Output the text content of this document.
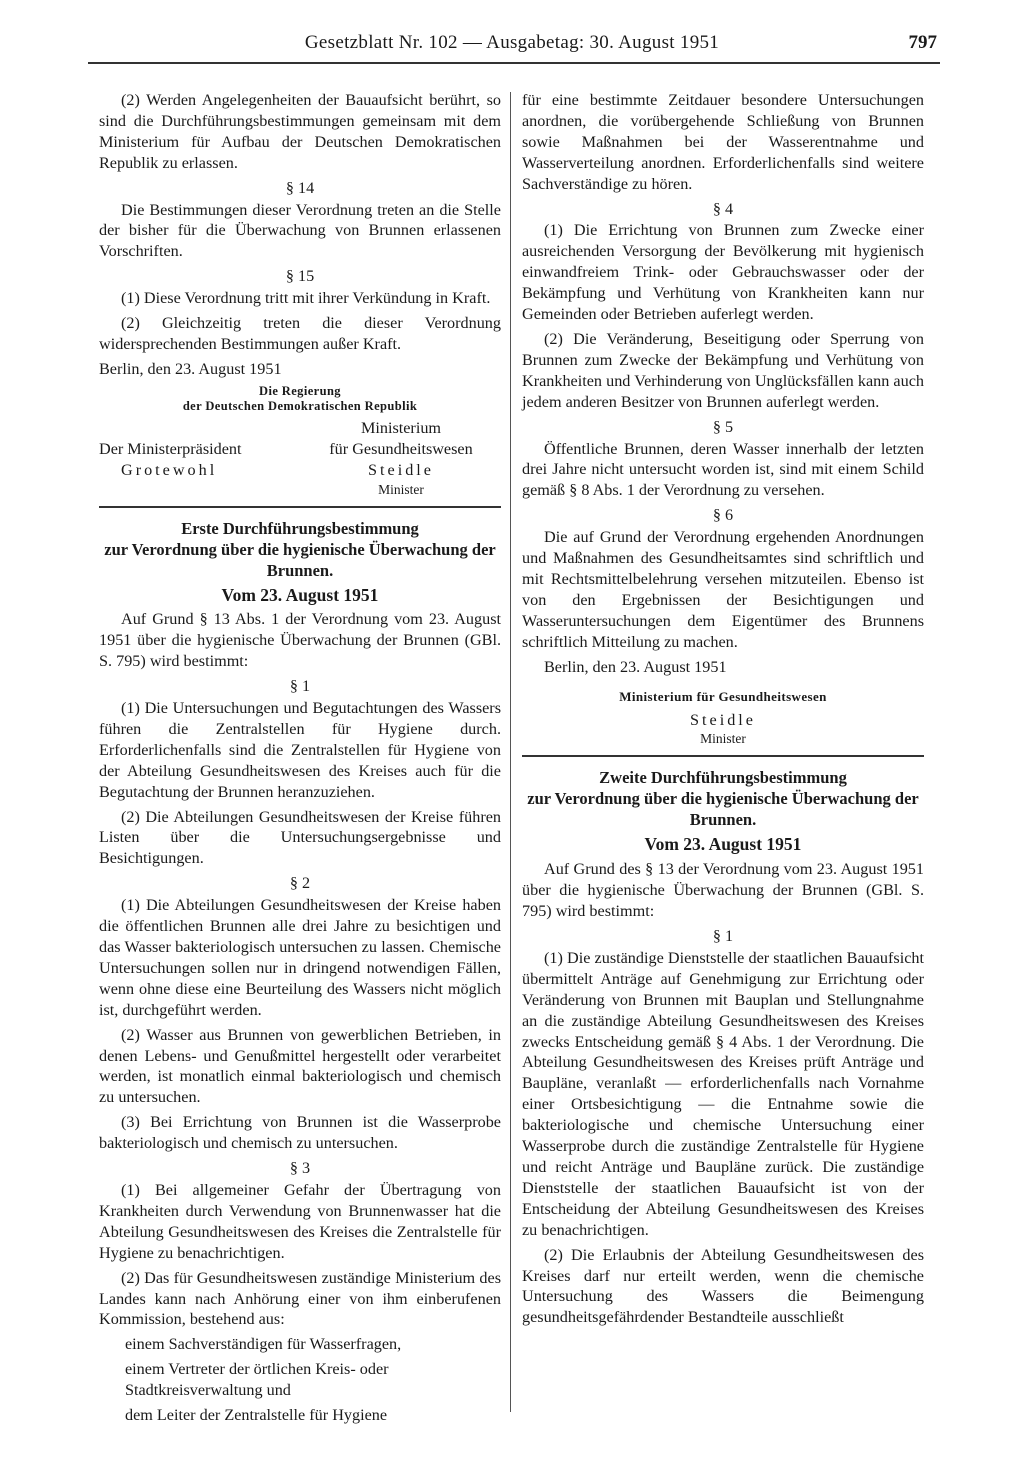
Gesetzblatt Nr. 102 — Ausgabetag: 30. August 1951	797

(2) Werden Angelegenheiten der Bauaufsicht berührt, so sind die Durchführungsbestimmungen gemeinsam mit dem Ministerium für Aufbau der Deutschen Demokratischen Republik zu erlassen.

§ 14

Die Bestimmungen dieser Verordnung treten an die Stelle der bisher für die Überwachung von Brunnen erlassenen Vorschriften.

§ 15

(1) Diese Verordnung tritt mit ihrer Verkündung in Kraft.

(2) Gleichzeitig treten die dieser Verordnung widersprechenden Bestimmungen außer Kraft.

Berlin, den 23. August 1951

Die Regierung
der Deutschen Demokratischen Republik
Der Ministerpräsident
Grotewohl
Ministerium
für Gesundheitswesen
Steidle
Minister

Erste Durchführungsbestimmung

zur Verordnung über die hygienische Überwachung der Brunnen.

Vom 23. August 1951

Auf Grund § 13 Abs. 1 der Verordnung vom 23. August 1951 über die hygienische Überwachung der Brunnen (GBl. S. 795) wird bestimmt:

§ 1

(1) Die Untersuchungen und Begutachtungen des Wassers führen die Zentralstellen für Hygiene durch. Erforderlichenfalls sind die Zentralstellen für Hygiene von der Abteilung Gesundheitswesen des Kreises auch für die Begutachtung der Brunnen heranzuziehen.

(2) Die Abteilungen Gesundheitswesen der Kreise führen Listen über die Untersuchungsergebnisse und Besichtigungen.

§ 2

(1) Die Abteilungen Gesundheitswesen der Kreise haben die öffentlichen Brunnen alle drei Jahre zu besichtigen und das Wasser bakteriologisch untersuchen zu lassen. Chemische Untersuchungen sollen nur in dringend notwendigen Fällen, wenn ohne diese eine Beurteilung des Wassers nicht möglich ist, durchgeführt werden.

(2) Wasser aus Brunnen von gewerblichen Betrieben, in denen Lebens- und Genußmittel hergestellt oder verarbeitet werden, ist monatlich einmal bakteriologisch und chemisch zu untersuchen.

(3) Bei Errichtung von Brunnen ist die Wasserprobe bakteriologisch und chemisch zu untersuchen.

§ 3

(1) Bei allgemeiner Gefahr der Übertragung von Krankheiten durch Verwendung von Brunnenwasser hat die Abteilung Gesundheitswesen des Kreises die Zentralstelle für Hygiene zu benachrichtigen.

(2) Das für Gesundheitswesen zuständige Ministerium des Landes kann nach Anhörung einer von ihm einberufenen Kommission, bestehend aus:

einem Sachverständigen für Wasserfragen,

einem Vertreter der örtlichen Kreis- oder Stadtkreisverwaltung und

dem Leiter der Zentralstelle für Hygiene

für eine bestimmte Zeitdauer besondere Untersuchungen anordnen, die vorübergehende Schließung von Brunnen sowie Maßnahmen bei der Wasserentnahme und Wasserverteilung anordnen. Erforderlichenfalls sind weitere Sachverständige zu hören.

§ 4

(1) Die Errichtung von Brunnen zum Zwecke einer ausreichenden Versorgung der Bevölkerung mit hygienisch einwandfreiem Trink- oder Gebrauchswasser oder der Bekämpfung und Verhütung von Krankheiten kann nur Gemeinden oder Betrieben auferlegt werden.

(2) Die Veränderung, Beseitigung oder Sperrung von Brunnen zum Zwecke der Bekämpfung und Verhütung von Krankheiten und Verhinderung von Unglücksfällen kann auch jedem anderen Besitzer von Brunnen auferlegt werden.

§ 5

Öffentliche Brunnen, deren Wasser innerhalb der letzten drei Jahre nicht untersucht worden ist, sind mit einem Schild gemäß § 8 Abs. 1 der Verordnung zu versehen.

§ 6

Die auf Grund der Verordnung ergehenden Anordnungen und Maßnahmen des Gesundheitsamtes sind schriftlich und mit Rechtsmittelbelehrung versehen mitzuteilen. Ebenso ist von den Ergebnissen der Besichtigungen und Wasseruntersuchungen dem Eigentümer des Brunnens schriftlich Mitteilung zu machen.

Berlin, den 23. August 1951

Ministerium für Gesundheitswesen
Steidle
Minister

Zweite Durchführungsbestimmung

zur Verordnung über die hygienische Überwachung der Brunnen.

Vom 23. August 1951

Auf Grund des § 13 der Verordnung vom 23. August 1951 über die hygienische Überwachung der Brunnen (GBl. S. 795) wird bestimmt:

§ 1

(1) Die zuständige Dienststelle der staatlichen Bauaufsicht übermittelt Anträge auf Genehmigung zur Errichtung oder Veränderung von Brunnen mit Bauplan und Stellungnahme an die zuständige Abteilung Gesundheitswesen des Kreises zwecks Entscheidung gemäß § 4 Abs. 1 der Verordnung. Die Abteilung Gesundheitswesen des Kreises prüft Anträge und Baupläne, veranlaßt — erforderlichenfalls nach Vornahme einer Ortsbesichtigung — die Entnahme sowie die bakteriologische und chemische Untersuchung einer Wasserprobe durch die zuständige Zentralstelle für Hygiene und reicht Anträge und Baupläne zurück. Die zuständige Dienststelle der staatlichen Bauaufsicht ist von der Entscheidung der Abteilung Gesundheitswesen des Kreises zu benachrichtigen.

(2) Die Erlaubnis der Abteilung Gesundheitswesen des Kreises darf nur erteilt werden, wenn die chemische Untersuchung des Wassers die Beimengung gesundheitsgefährdender Bestandteile ausschließt
